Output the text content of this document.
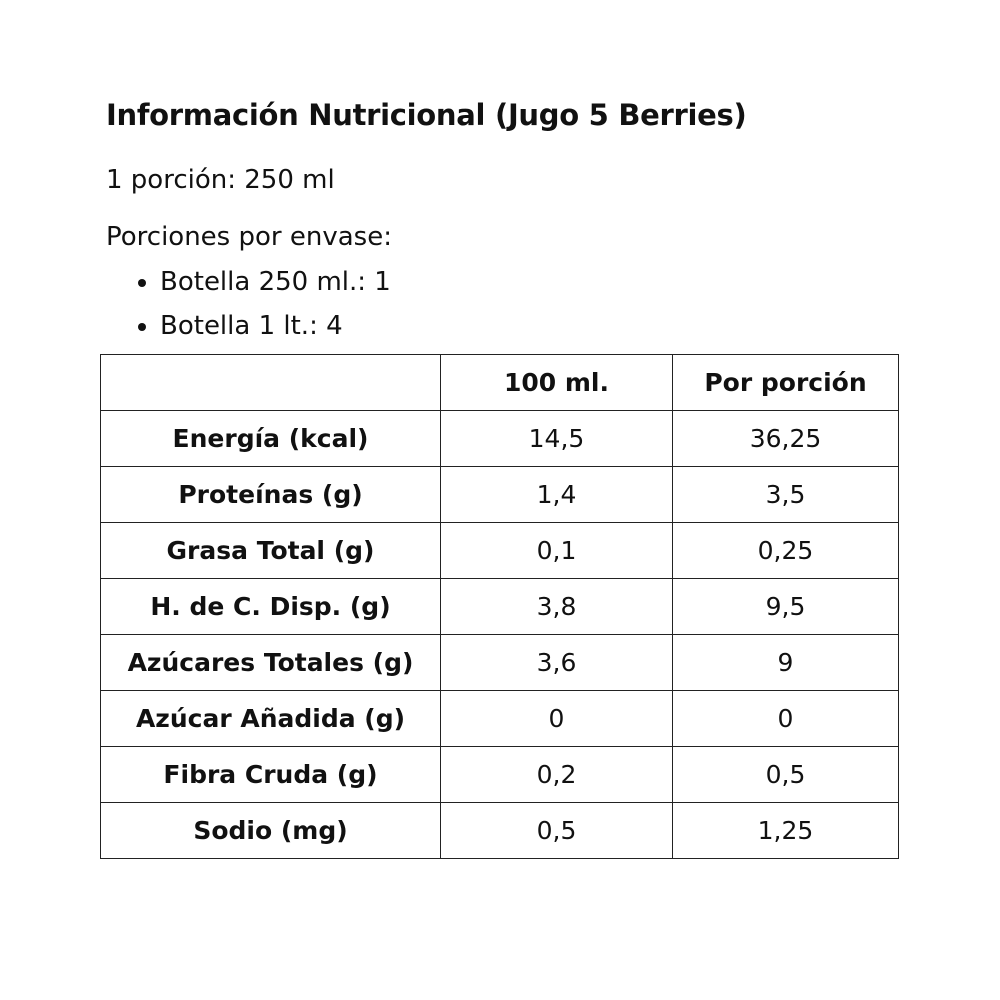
Información Nutricional (Jugo 5 Berries)
1 porción: 250 ml
Porciones por envase:
• Botella 250 ml.: 1
• Botella 1 lt.: 4
	100 ml.	Por porción
Energía (kcal)	14,5	36,25
Proteínas (g)	1,4	3,5
Grasa Total (g)	0,1	0,25
H. de C. Disp. (g)	3,8	9,5
Azúcares Totales (g)	3,6	9
Azúcar Añadida (g)	0	0
Fibra Cruda (g)	0,2	0,5
Sodio (mg)	0,5	1,25
